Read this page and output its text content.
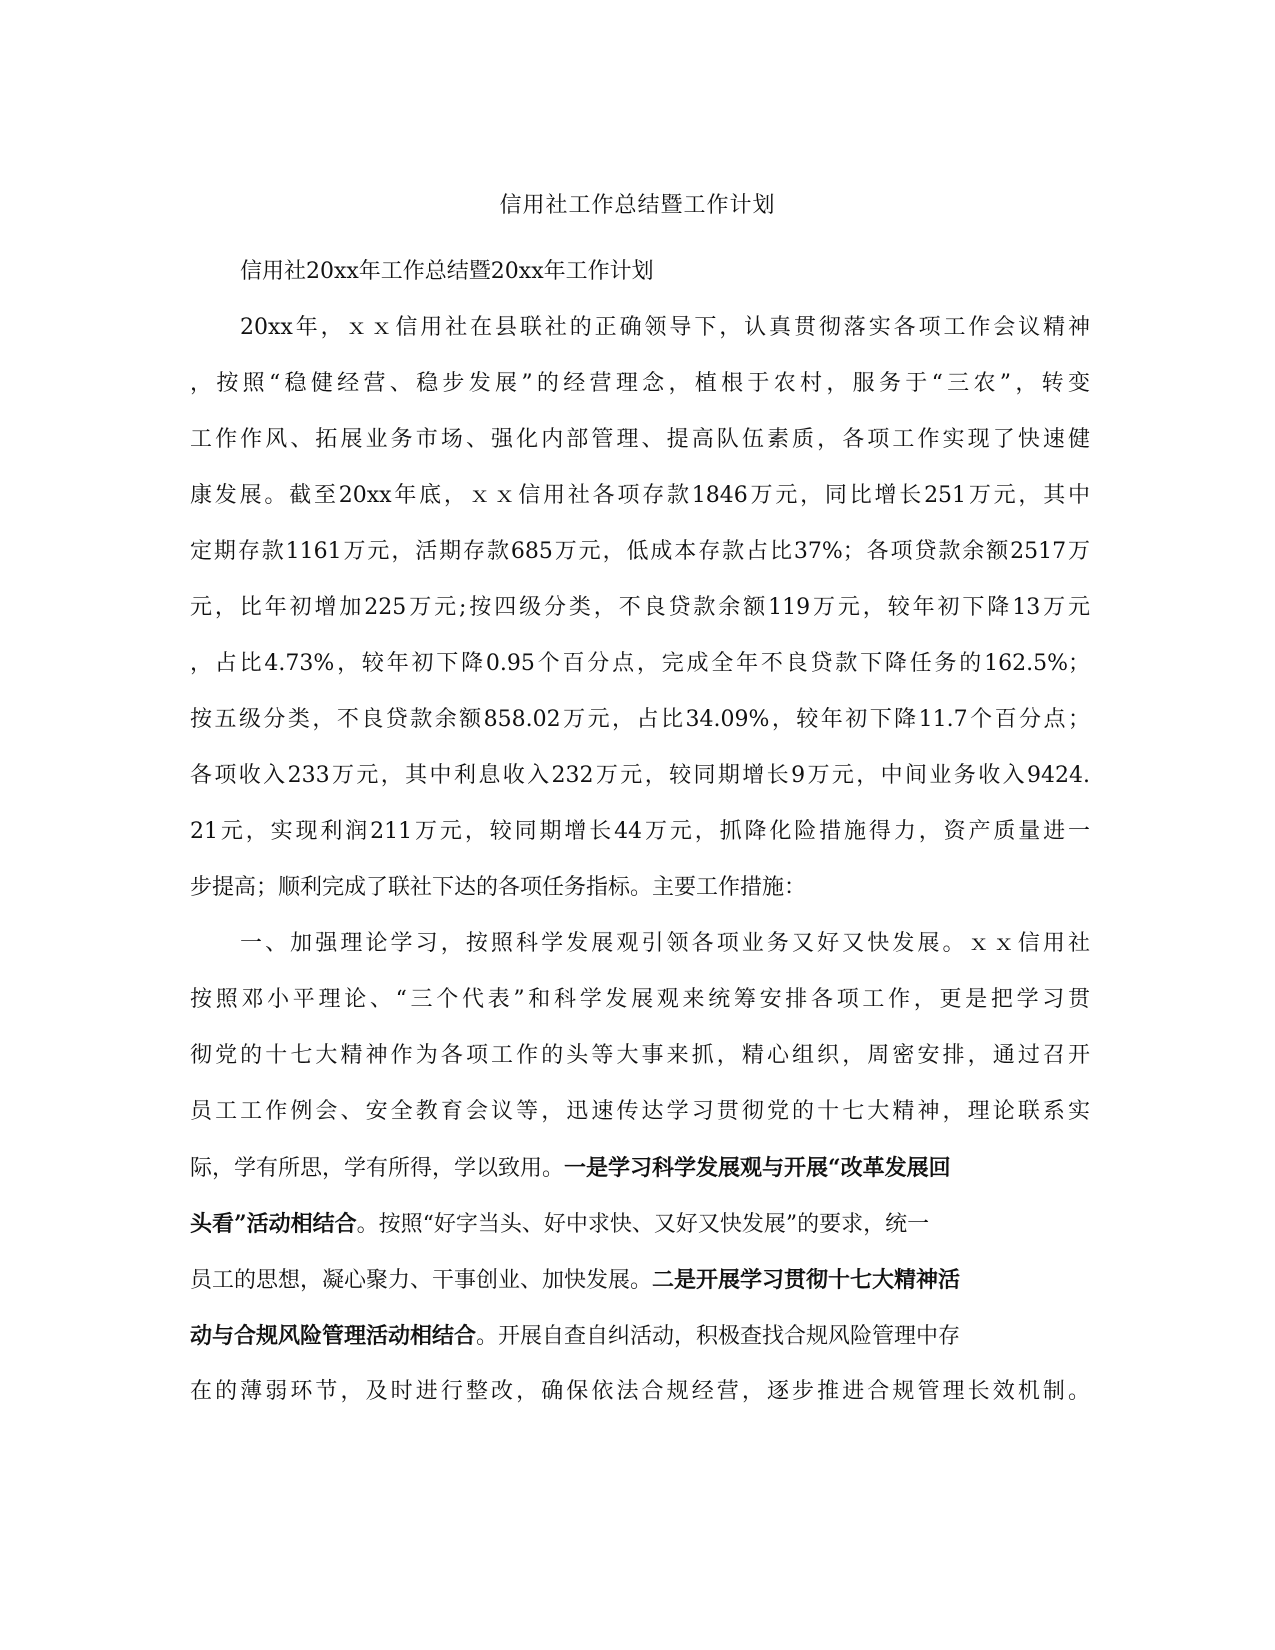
信用社工作总结暨工作计划
信用社20xx年工作总结暨20xx年工作计划
20xx年，ｘｘ信用社在县联社的正确领导下，认真贯彻落实各项工作会议精神
，按照“稳健经营、稳步发展”的经营理念，植根于农村，服务于“三农”，转变
工作作风、拓展业务市场、强化内部管理、提高队伍素质，各项工作实现了快速健
康发展。截至20xx年底，ｘｘ信用社各项存款1846万元，同比增长251万元，其中
定期存款1161万元，活期存款685万元，低成本存款占比37%；各项贷款余额2517万
元，比年初增加225万元;按四级分类，不良贷款余额119万元，较年初下降13万元
，占比4.73%，较年初下降0.95个百分点，完成全年不良贷款下降任务的162.5%；
按五级分类，不良贷款余额858.02万元，占比34.09%，较年初下降11.7个百分点；
各项收入233万元，其中利息收入232万元，较同期增长9万元，中间业务收入9424.
21元，实现利润211万元，较同期增长44万元，抓降化险措施得力，资产质量进一
步提高；顺利完成了联社下达的各项任务指标。主要工作措施：
一、加强理论学习，按照科学发展观引领各项业务又好又快发展。ｘｘ信用社
按照邓小平理论、“三个代表”和科学发展观来统筹安排各项工作，更是把学习贯
彻党的十七大精神作为各项工作的头等大事来抓，精心组织，周密安排，通过召开
员工工作例会、安全教育会议等，迅速传达学习贯彻党的十七大精神，理论联系实
际，学有所思，学有所得，学以致用。一是学习科学发展观与开展“改革发展回
头看”活动相结合。按照“好字当头、好中求快、又好又快发展”的要求，统一
员工的思想，凝心聚力、干事创业、加快发展。二是开展学习贯彻十七大精神活
动与合规风险管理活动相结合。开展自查自纠活动，积极查找合规风险管理中存
在的薄弱环节，及时进行整改，确保依法合规经营，逐步推进合规管理长效机制。
